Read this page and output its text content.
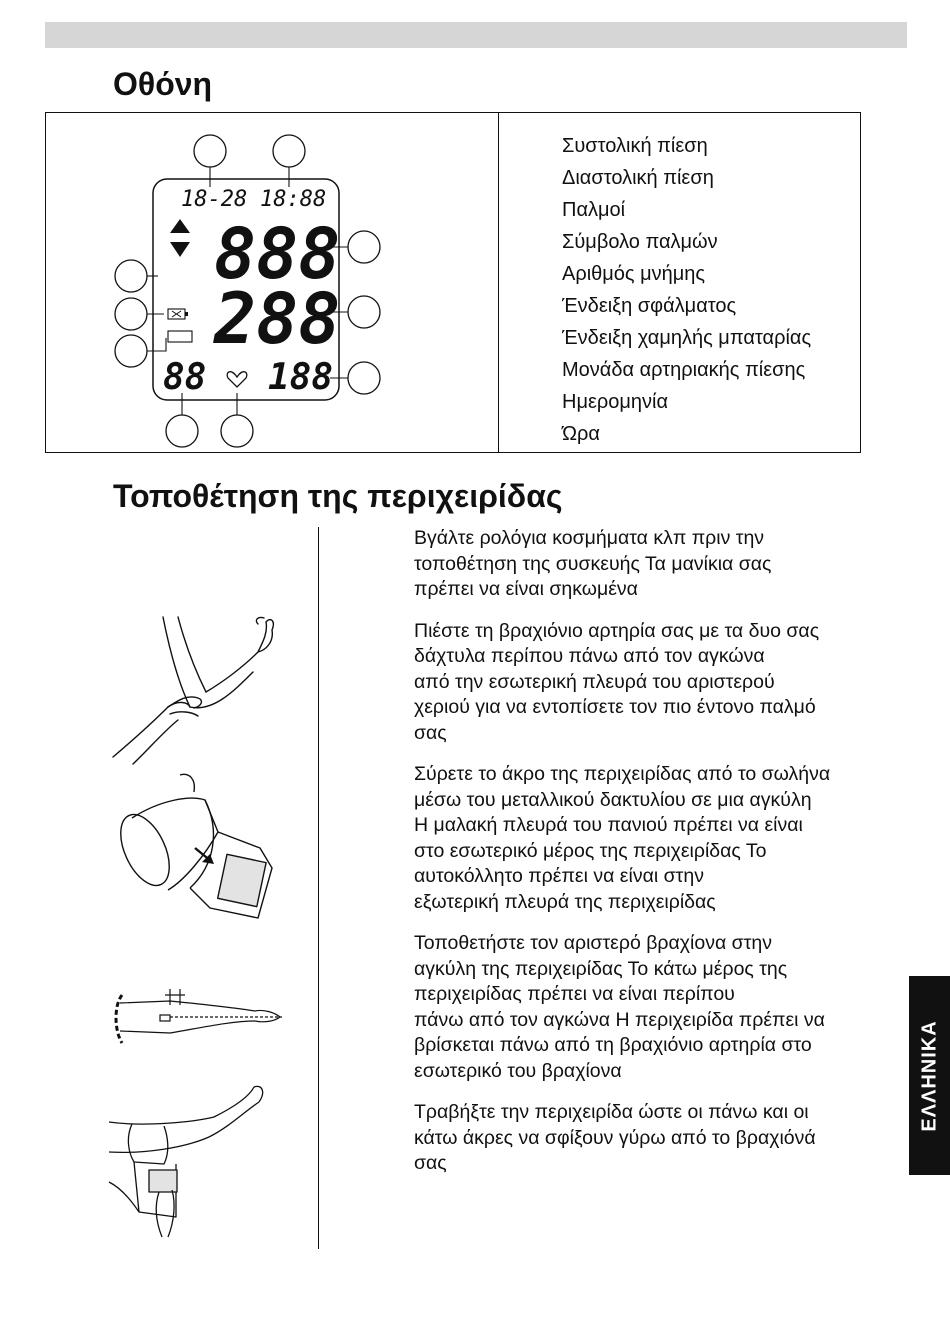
Οθόνη
18-28 18:88
888
288
88 188
Συστολική πίεση
Διαστολική πίεση
Παλμοί
Σύμβολο παλμών
Αριθμός μνήμης
Ένδειξη σφάλματος
Ένδειξη χαμηλής μπαταρίας
Μονάδα αρτηριακής πίεσης
Ημερομηνία
Ώρα
Τοποθέτηση της περιχειρίδας
Βγάλτε ρολόγια κοσμήματα κλπ πριν την
τοποθέτηση της συσκευής Τα μανίκια σας
πρέπει να είναι σηκωμένα
Πιέστε τη βραχιόνιο αρτηρία σας με τα δυο σας
δάχτυλα περίπου πάνω από τον αγκώνα
από την εσωτερική πλευρά του αριστερού
χεριού για να εντοπίσετε τον πιο έντονο παλμό
σας
Σύρετε το άκρο της περιχειρίδας από το σωλήνα
μέσω του μεταλλικού δακτυλίου σε μια αγκύλη
Η μαλακή πλευρά του πανιού πρέπει να είναι
στο εσωτερικό μέρος της περιχειρίδας Το
αυτοκόλλητο πρέπει να είναι στην
εξωτερική πλευρά της περιχειρίδας
Τοποθετήστε τον αριστερό βραχίονα στην
αγκύλη της περιχειρίδας Το κάτω μέρος της
περιχειρίδας πρέπει να είναι περίπου
πάνω από τον αγκώνα Η περιχειρίδα πρέπει να
βρίσκεται πάνω από τη βραχιόνιο αρτηρία στο
εσωτερικό του βραχίονα
Τραβήξτε την περιχειρίδα ώστε οι πάνω και οι
κάτω άκρες να σφίξουν γύρω από το βραχιόνά
σας
ΕΛΛΗΝΙΚΑ
